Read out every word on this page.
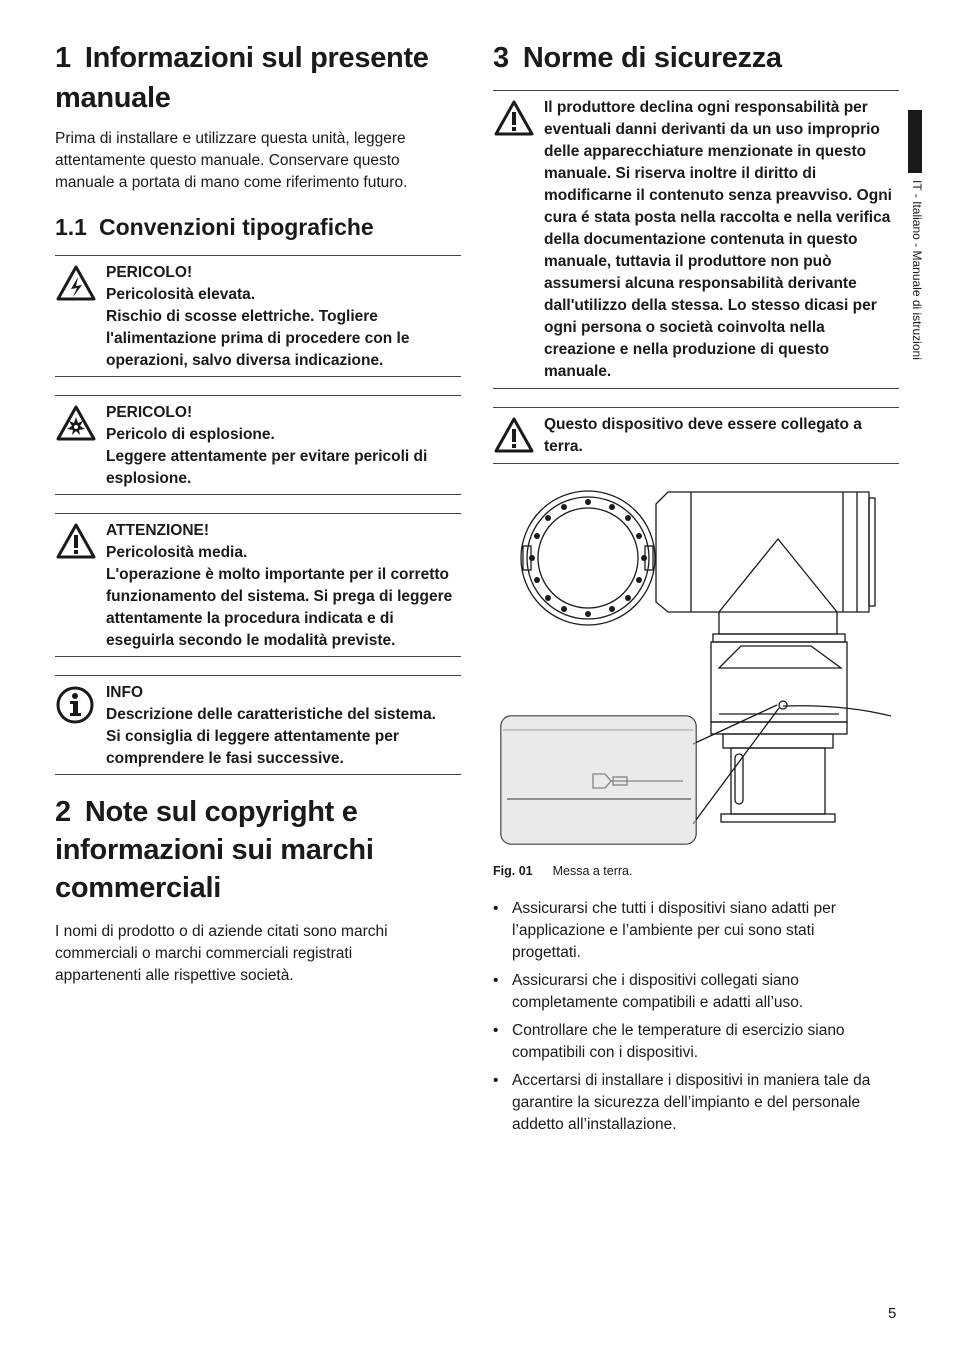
IT - Italiano - Manuale di istruzioni
1 Informazioni sul presente manuale

Prima di installare e utilizzare questa unità, leggere attentamente questo manuale. Conservare questo manuale a portata di mano come riferimento futuro.

1.1 Convenzioni tipografiche
PERICOLO!
Pericolosità elevata.
Rischio di scosse elettriche. Togliere l'alimentazione prima di procedere con le operazioni, salvo diversa indicazione.
PERICOLO!
Pericolo di esplosione.
Leggere attentamente per evitare pericoli di esplosione.
ATTENZIONE!
Pericolosità media.
L'operazione è molto importante per il corretto funzionamento del sistema. Si prega di leggere attentamente la procedura indicata e di eseguirla secondo le modalità previste.
INFO
Descrizione delle caratteristiche del sistema.
Si consiglia di leggere attentamente per comprendere le fasi successive.
2 Note sul copyright e informazioni sui marchi commerciali

I nomi di prodotto o di aziende citati sono marchi commerciali o marchi commerciali registrati appartenenti alle rispettive società.

3 Norme di sicurezza
Il produttore declina ogni responsabilità per eventuali danni derivanti da un uso improprio delle apparecchiature menzionate in questo manuale. Si riserva inoltre il diritto di modificarne il contenuto senza preavviso. Ogni cura é stata posta nella raccolta e nella verifica della documentazione contenuta in questo manuale, tuttavia il produttore non può assumersi alcuna responsabilità derivante dall'utilizzo della stessa. Lo stesso dicasi per ogni persona o società coinvolta nella creazione e nella produzione di questo manuale.
Questo dispositivo deve essere collegato a terra.
Fig. 01 Messa a terra.
• Assicurarsi che tutti i dispositivi siano adatti per l’applicazione e l’ambiente per cui sono stati progettati.
• Assicurarsi che i dispositivi collegati siano completamente compatibili e adatti all’uso.
• Controllare che le temperature di esercizio siano compatibili con i dispositivi.
• Accertarsi di installare i dispositivi in maniera tale da garantire la sicurezza dell’impianto e del personale addetto all’installazione.
5
